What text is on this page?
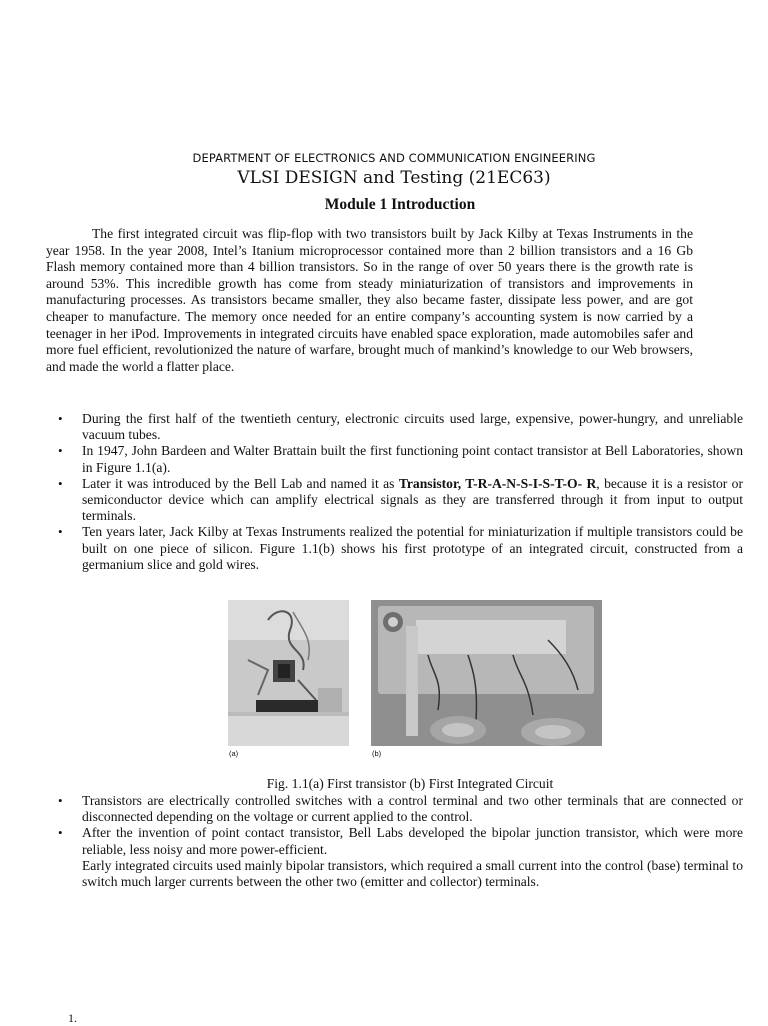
DEPARTMENT OF ELECTRONICS AND COMMUNICATION ENGINEERING
VLSI DESIGN and Testing (21EC63)
Module 1 Introduction

The first integrated circuit was flip-flop with two transistors built by Jack Kilby at Texas Instruments in the year 1958. In the year 2008, Intel’s Itanium microprocessor contained more than 2 billion transistors and a 16 Gb Flash memory contained more than 4 billion transistors. So in the range of over 50 years there is the growth rate is around 53%. This incredible growth has come from steady miniaturization of transistors and improvements in manufacturing processes. As transistors became smaller, they also became faster, dissipate less power, and are got cheaper to manufacture. The memory once needed for an entire company’s accounting system is now carried by a teenager in her iPod. Improvements in integrated circuits have enabled space exploration, made automobiles safer and more fuel efficient, revolutionized the nature of warfare, brought much of mankind’s knowledge to our Web browsers, and made the world a flatter place.

• During the first half of the twentieth century, electronic circuits used large, expensive, power-hungry, and unreliable vacuum tubes.
• In 1947, John Bardeen and Walter Brattain built the first functioning point contact transistor at Bell Laboratories, shown in Figure 1.1(a).
• Later it was introduced by the Bell Lab and named it as Transistor, T-R-A-N-S-I-S-T-O- R, because it is a resistor or semiconductor device which can amplify electrical signals as they are transferred through it from input to output terminals.
• Ten years later, Jack Kilby at Texas Instruments realized the potential for miniaturization if multiple transistors could be built on one piece of silicon. Figure 1.1(b) shows his first prototype of an integrated circuit, constructed from a germanium slice and gold wires.
(a)	(b)
Fig. 1.1(a) First transistor (b) First Integrated Circuit
• Transistors are electrically controlled switches with a control terminal and two other terminals that are connected or disconnected depending on the voltage or current applied to the control.
• After the invention of point contact transistor, Bell Labs developed the bipolar junction transistor, which were more reliable, less noisy and more power-efficient.
Early integrated circuits used mainly bipolar transistors, which required a small current into the control (base) terminal to switch much larger currents between the other two (emitter and collector) terminals.
1.
